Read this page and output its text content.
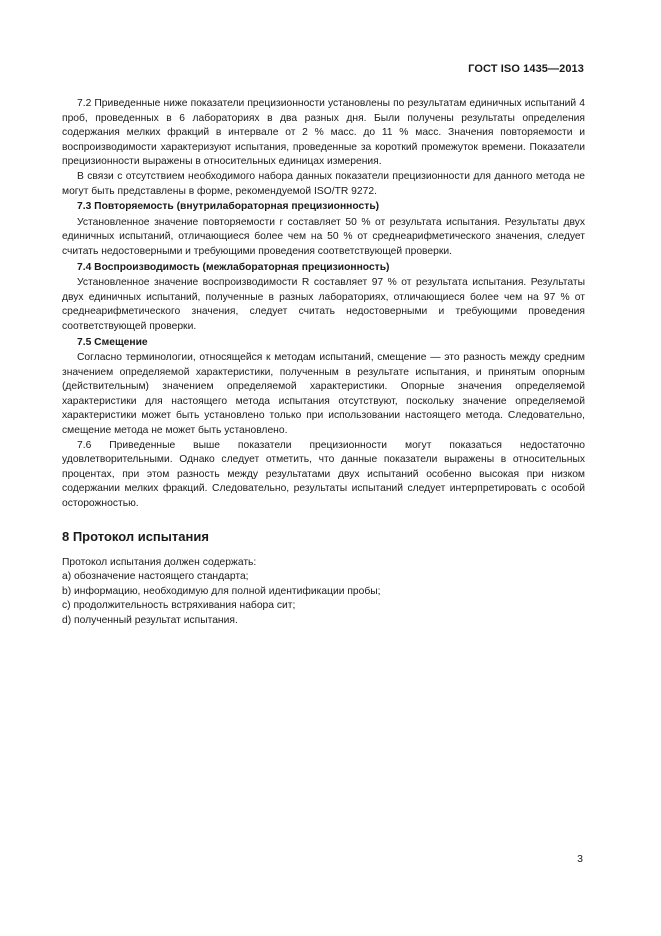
ГОСТ ISO 1435—2013

7.2 Приведенные ниже показатели прецизионности установлены по результатам единичных испытаний 4 проб, проведенных в 6 лабораториях в два разных дня. Были получены результаты определения содержания мелких фракций в интервале от 2 % масс. до 11 % масс. Значения повторяемости и воспроизводимости характеризуют испытания, проведенные за короткий промежуток времени. Показатели прецизионности выражены в относительных единицах измерения.

В связи с отсутствием необходимого набора данных показатели прецизионности для данного метода не могут быть представлены в форме, рекомендуемой ISO/TR 9272.

7.3 Повторяемость (внутрилабораторная прецизионность)

Установленное значение повторяемости r составляет 50 % от результата испытания. Результаты двух единичных испытаний, отличающиеся более чем на 50 % от среднеарифметического значения, следует считать недостоверными и требующими проведения соответствующей проверки.

7.4 Воспроизводимость (межлабораторная прецизионность)

Установленное значение воспроизводимости R составляет 97 % от результата испытания. Результаты двух единичных испытаний, полученные в разных лабораториях, отличающиеся более чем на 97 % от среднеарифметического значения, следует считать недостоверными и требующими проведения соответствующей проверки.

7.5 Смещение

Согласно терминологии, относящейся к методам испытаний, смещение — это разность между средним значением определяемой характеристики, полученным в результате испытания, и принятым опорным (действительным) значением определяемой характеристики. Опорные значения определяемой характеристики для настоящего метода испытания отсутствуют, поскольку значение определяемой характеристики может быть установлено только при использовании настоящего метода. Следовательно, смещение метода не может быть установлено.

7.6 Приведенные выше показатели прецизионности могут показаться недостаточно удовлетворительными. Однако следует отметить, что данные показатели выражены в относительных процентах, при этом разность между результатами двух испытаний особенно высокая при низком содержании мелких фракций. Следовательно, результаты испытаний следует интерпретировать с особой осторожностью.

8 Протокол испытания

Протокол испытания должен содержать:

a) обозначение настоящего стандарта;

b) информацию, необходимую для полной идентификации пробы;

c) продолжительность встряхивания набора сит;

d) полученный результат испытания.

3
